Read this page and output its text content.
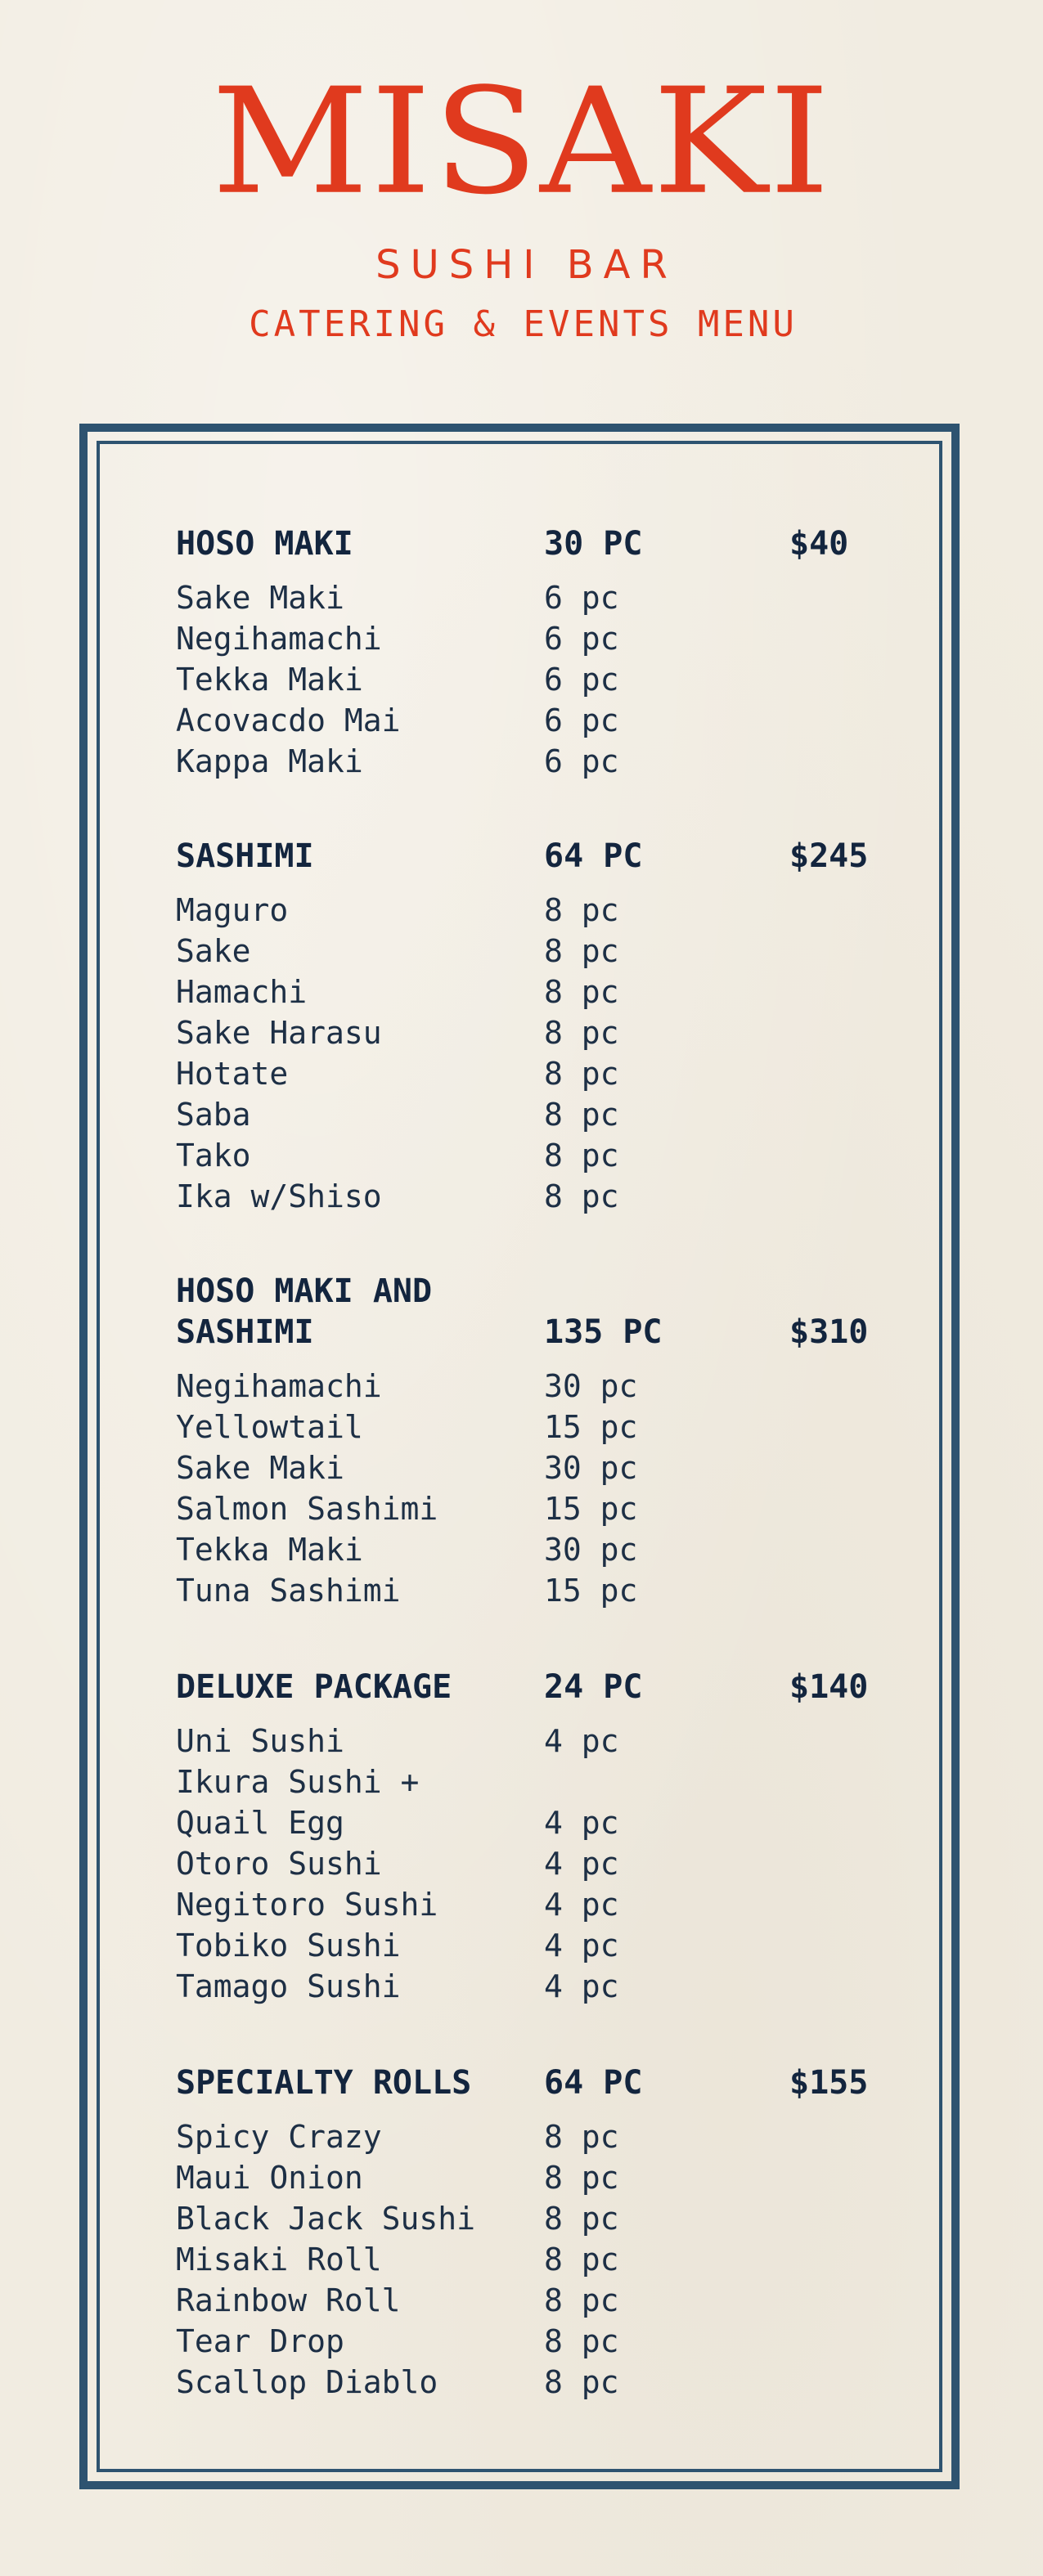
MISAKI
SUSHI BAR
CATERING & EVENTS MENU
HOSO MAKI	30 PC	$40
Sake Maki	6 pc
Negihamachi	6 pc
Tekka Maki	6 pc
Acovacdo Mai	6 pc
Kappa Maki	6 pc
SASHIMI	64 PC	$245
Maguro	8 pc
Sake	8 pc
Hamachi	8 pc
Sake Harasu	8 pc
Hotate	8 pc
Saba	8 pc
Tako	8 pc
Ika w/Shiso	8 pc
HOSO MAKI AND
SASHIMI	135 PC	$310
Negihamachi	30 pc
Yellowtail	15 pc
Sake Maki	30 pc
Salmon Sashimi	15 pc
Tekka Maki	30 pc
Tuna Sashimi	15 pc
DELUXE PACKAGE	24 PC	$140
Uni Sushi	4 pc
Ikura Sushi +
Quail Egg	4 pc
Otoro Sushi	4 pc
Negitoro Sushi	4 pc
Tobiko Sushi	4 pc
Tamago Sushi	4 pc
SPECIALTY ROLLS	64 PC	$155
Spicy Crazy	8 pc
Maui Onion	8 pc
Black Jack Sushi 8 pc
Misaki Roll	8 pc
Rainbow Roll	8 pc
Tear Drop	8 pc
Scallop Diablo	8 pc
